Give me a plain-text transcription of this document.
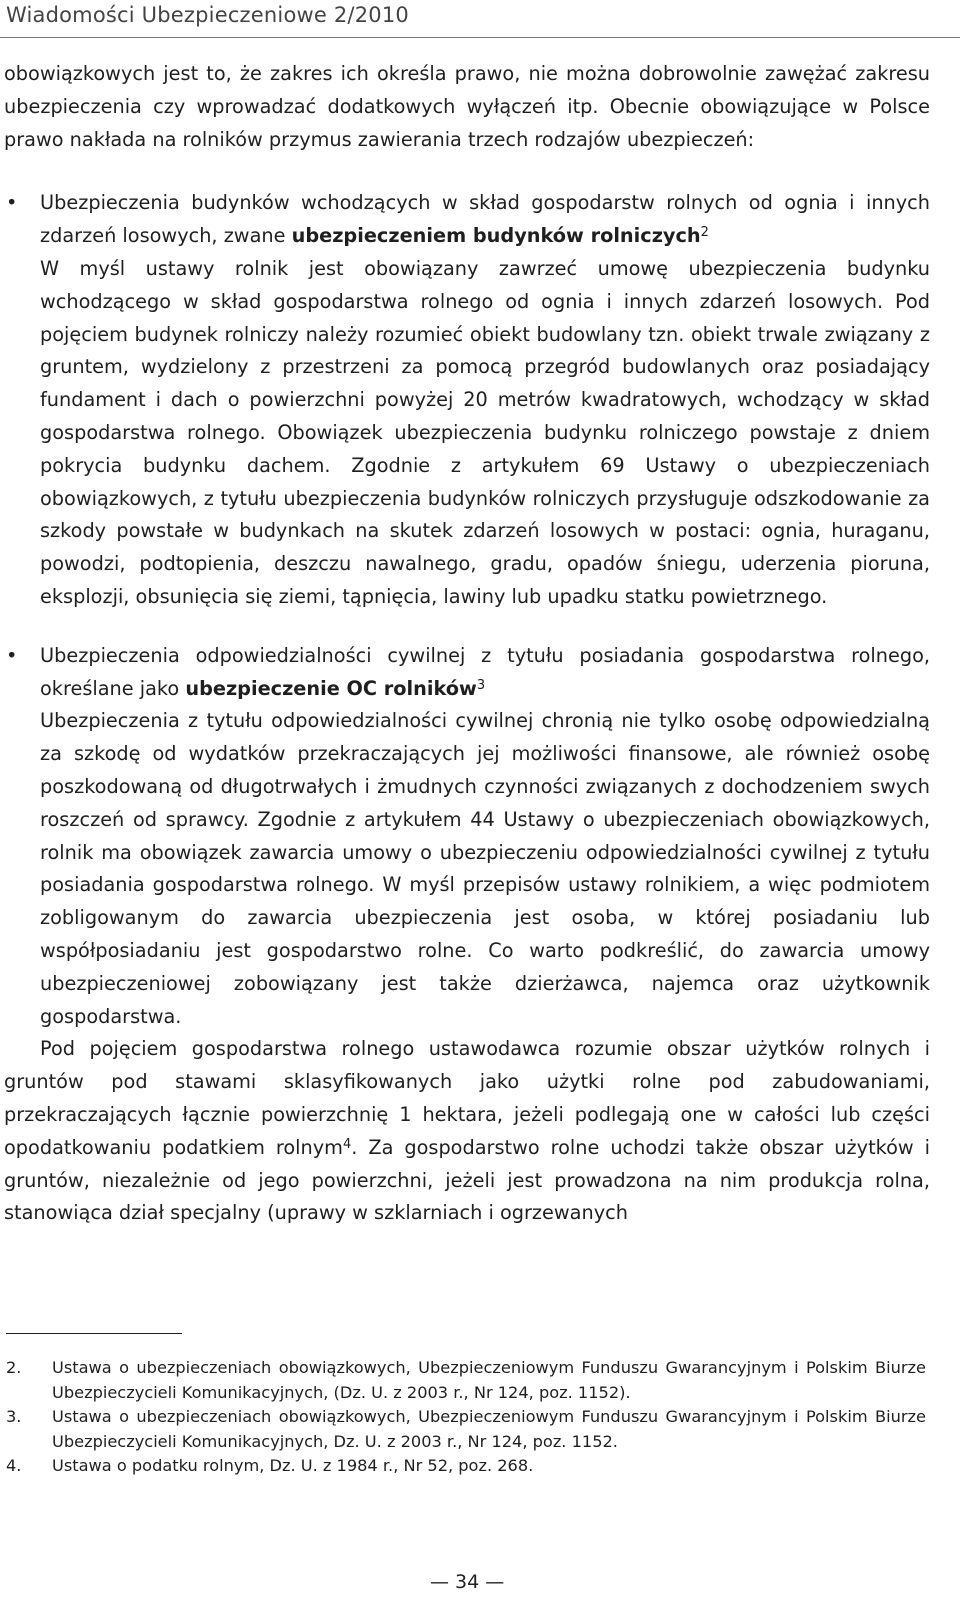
Wiadomości Ubezpieczeniowe 2/2010

obowiązkowych jest to, że zakres ich określa prawo, nie można dobrowolnie zawężać zakresu ubezpieczenia czy wprowadzać dodatkowych wyłączeń itp. Obecnie obowiązujące w Polsce prawo nakłada na rolników przymus zawierania trzech rodzajów ubezpieczeń:

• Ubezpieczenia budynków wchodzących w skład gospodarstw rolnych od ognia i innych zdarzeń losowych, zwane ubezpieczeniem budynków rolniczych$^2$

W myśl ustawy rolnik jest obowiązany zawrzeć umowę ubezpieczenia budynku wchodzącego w skład gospodarstwa rolnego od ognia i innych zdarzeń losowych. Pod pojęciem budynek rolniczy należy rozumieć obiekt budowlany tzn. obiekt trwale związany z gruntem, wydzielony z przestrzeni za pomocą przegród budowlanych oraz posiadający fundament i dach o powierzchni powyżej 20 metrów kwadratowych, wchodzący w skład gospodarstwa rolnego. Obowiązek ubezpieczenia budynku rolniczego powstaje z dniem pokrycia budynku dachem. Zgodnie z artykułem 69 Ustawy o ubezpieczeniach obowiązkowych, z tytułu ubezpieczenia budynków rolniczych przysługuje odszkodowanie za szkody powstałe w budynkach na skutek zdarzeń losowych w postaci: ognia, huraganu, powodzi, podtopienia, deszczu nawalnego, gradu, opadów śniegu, uderzenia pioruna, eksplozji, obsunięcia się ziemi, tąpnięcia, lawiny lub upadku statku powietrznego.

• Ubezpieczenia odpowiedzialności cywilnej z tytułu posiadania gospodarstwa rolnego, określane jako ubezpieczenie OC rolników$^3$

Ubezpieczenia z tytułu odpowiedzialności cywilnej chronią nie tylko osobę odpowiedzialną za szkodę od wydatków przekraczających jej możliwości finansowe, ale również osobę poszkodowaną od długotrwałych i żmudnych czynności związanych z dochodzeniem swych roszczeń od sprawcy. Zgodnie z artykułem 44 Ustawy o ubezpieczeniach obowiązkowych, rolnik ma obowiązek zawarcia umowy o ubezpieczeniu odpowiedzialności cywilnej z tytułu posiadania gospodarstwa rolnego. W myśl przepisów ustawy rolnikiem, a więc podmiotem zobligowanym do zawarcia ubezpieczenia jest osoba, w której posiadaniu lub współposiadaniu jest gospodarstwo rolne. Co warto podkreślić, do zawarcia umowy ubezpieczeniowej zobowiązany jest także dzierżawca, najemca oraz użytkownik gospodarstwa.

Pod pojęciem gospodarstwa rolnego ustawodawca rozumie obszar użytków rolnych i gruntów pod stawami sklasyfikowanych jako użytki rolne pod zabudowaniami, przekraczających łącznie powierzchnię 1 hektara, jeżeli podlegają one w całości lub części opodatkowaniu podatkiem rolnym$^4$. Za gospodarstwo rolne uchodzi także obszar użytków i gruntów, niezależnie od jego powierzchni, jeżeli jest prowadzona na nim produkcja rolna, stanowiąca dział specjalny (uprawy w szklarniach i ogrzewanych

2. Ustawa o ubezpieczeniach obowiązkowych, Ubezpieczeniowym Funduszu Gwarancyjnym i Polskim Biurze Ubezpieczycieli Komunikacyjnych, (Dz. U. z 2003 r., Nr 124, poz. 1152).
3. Ustawa o ubezpieczeniach obowiązkowych, Ubezpieczeniowym Funduszu Gwarancyjnym i Polskim Biurze Ubezpieczycieli Komunikacyjnych, Dz. U. z 2003 r., Nr 124, poz. 1152.
4. Ustawa o podatku rolnym, Dz. U. z 1984 r., Nr 52, poz. 268.
— 34 —
